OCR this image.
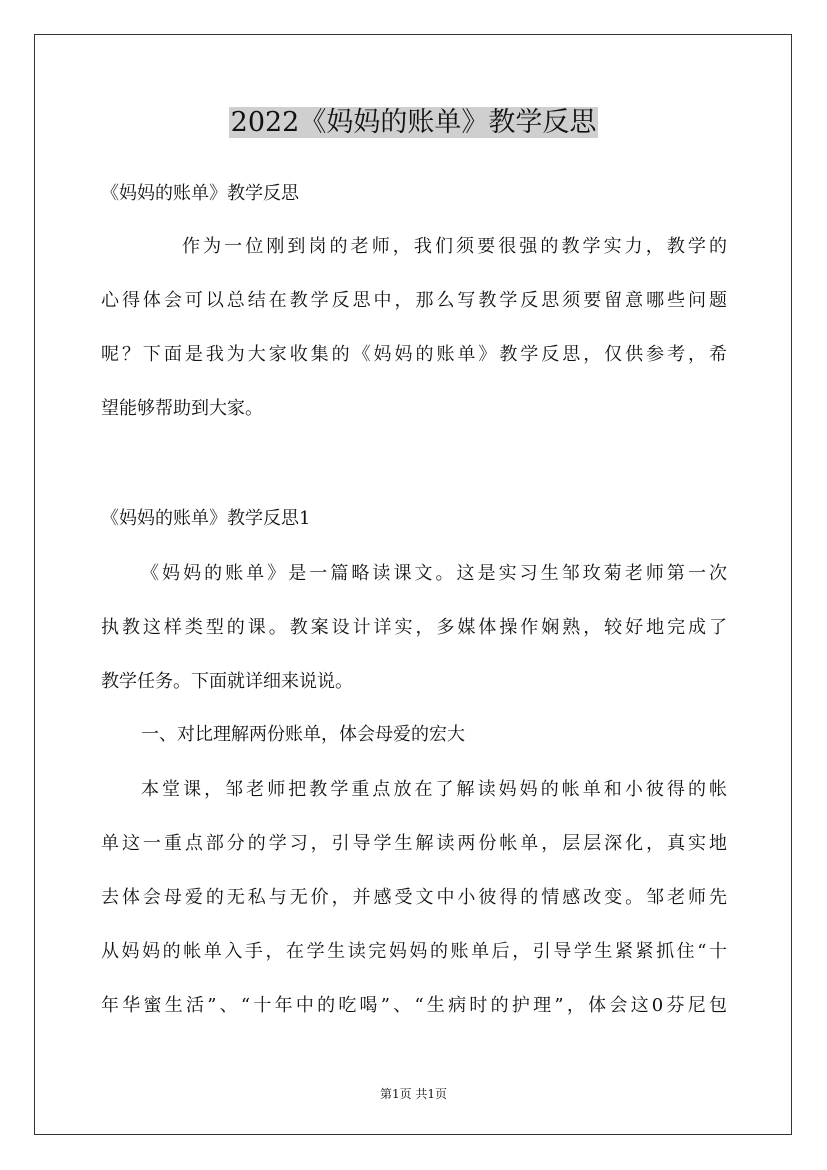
2022《妈妈的账单》教学反思
《妈妈的账单》教学反思
作为一位刚到岗的老师，我们须要很强的教学实力，教学的
心得体会可以总结在教学反思中，那么写教学反思须要留意哪些问题
呢？下面是我为大家收集的《妈妈的账单》教学反思，仅供参考，希
望能够帮助到大家。
《妈妈的账单》教学反思1
《妈妈的账单》是一篇略读课文。这是实习生邹玫菊老师第一次
执教这样类型的课。教案设计详实，多媒体操作娴熟，较好地完成了
教学任务。下面就详细来说说。
一、对比理解两份账单，体会母爱的宏大
本堂课，邹老师把教学重点放在了解读妈妈的帐单和小彼得的帐
单这一重点部分的学习，引导学生解读两份帐单，层层深化，真实地
去体会母爱的无私与无价，并感受文中小彼得的情感改变。邹老师先
从妈妈的帐单入手，在学生读完妈妈的账单后，引导学生紧紧抓住“十
年华蜜生活”、“十年中的吃喝”、“生病时的护理”，体会这0芬尼包
第1页 共1页
